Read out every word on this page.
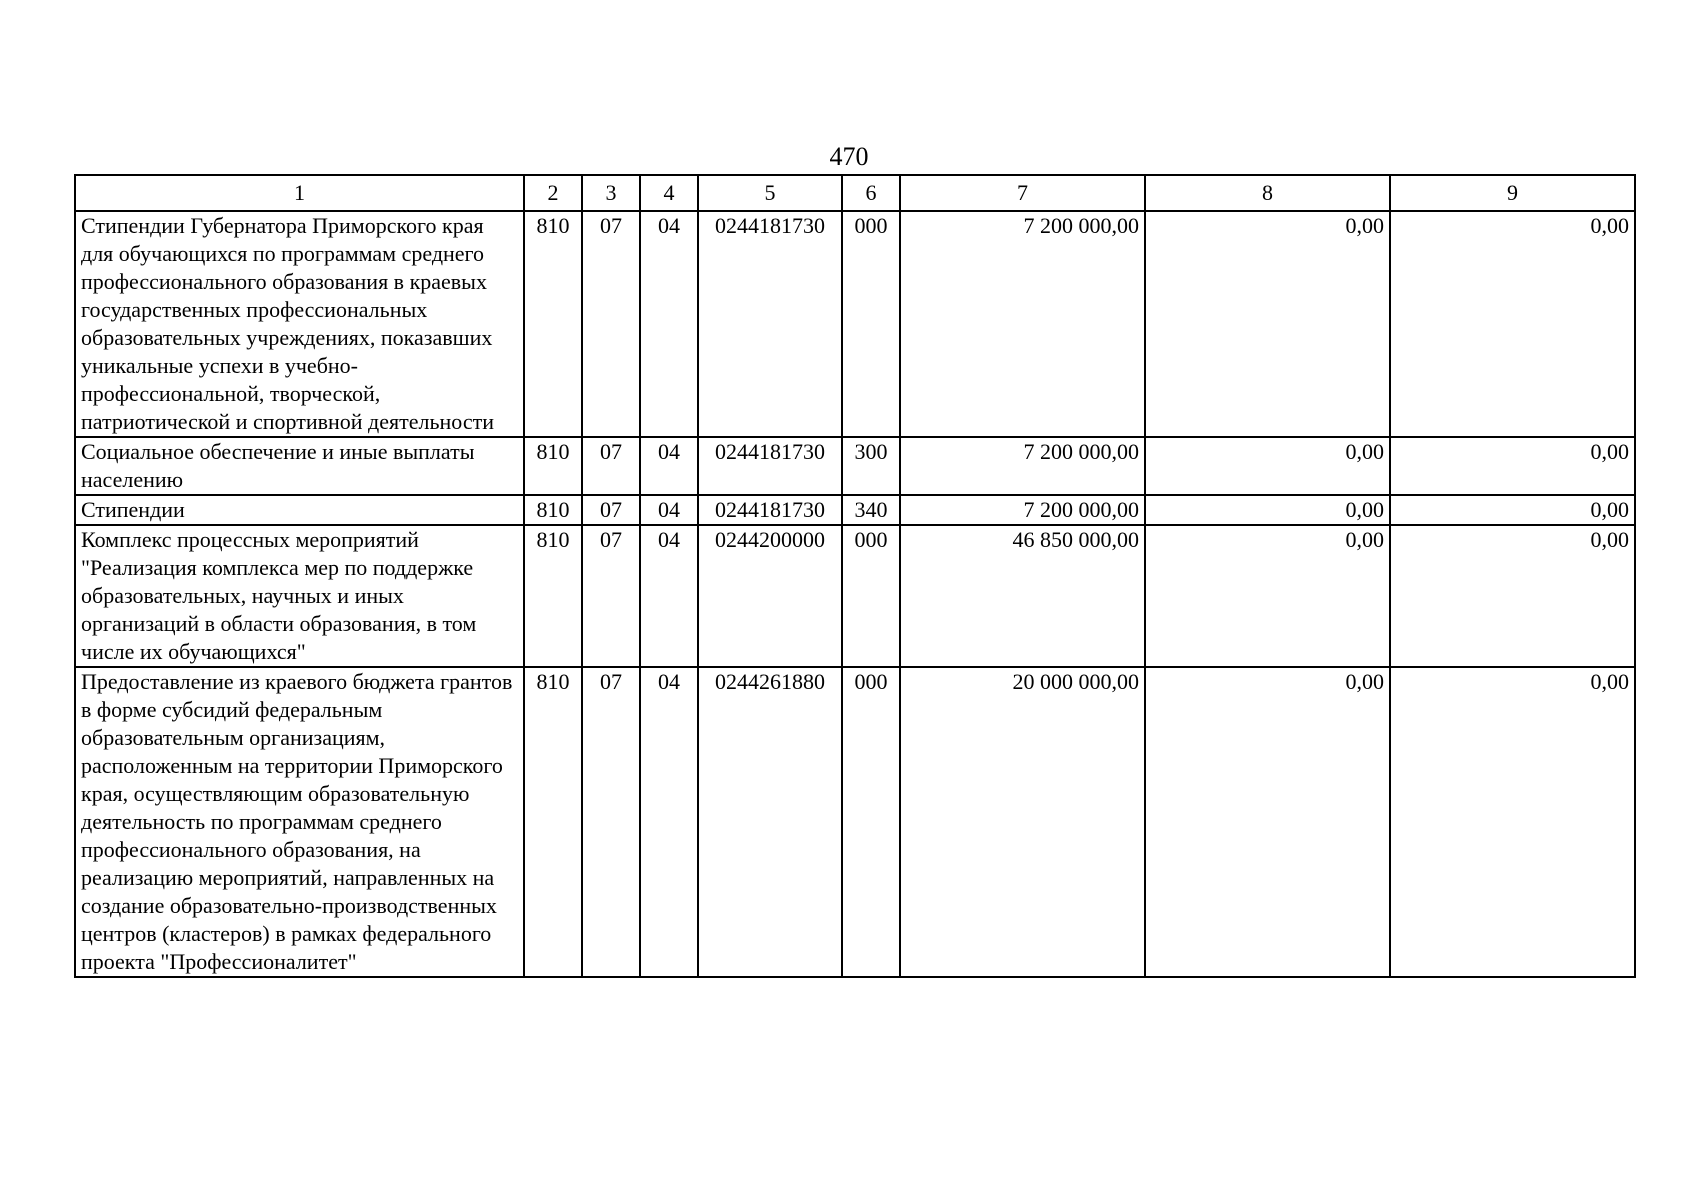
470
1	2	3	4	5	6	7	8	9
Стипендии Губернатора Приморского края для обучающихся по программам среднего профессионального образования в краевых государственных профессиональных образовательных учреждениях, показавших уникальные успехи в учебно-профессиональной, творческой, патриотической и спортивной деятельности	810	07	04	0244181730	000	7 200 000,00	0,00	0,00
Социальное обеспечение и иные выплаты населению	810	07	04	0244181730	300	7 200 000,00	0,00	0,00
Стипендии	810	07	04	0244181730	340	7 200 000,00	0,00	0,00
Комплекс процессных мероприятий "Реализация комплекса мер по поддержке образовательных, научных и иных организаций в области образования, в том числе их обучающихся"	810	07	04	0244200000	000	46 850 000,00	0,00	0,00
Предоставление из краевого бюджета грантов в форме субсидий федеральным образовательным организациям, расположенным на территории Приморского края, осуществляющим образовательную деятельность по программам среднего профессионального образования, на реализацию мероприятий, направленных на создание образовательно-производственных центров (кластеров) в рамках федерального проекта "Профессионалитет"	810	07	04	0244261880	000	20 000 000,00	0,00	0,00
